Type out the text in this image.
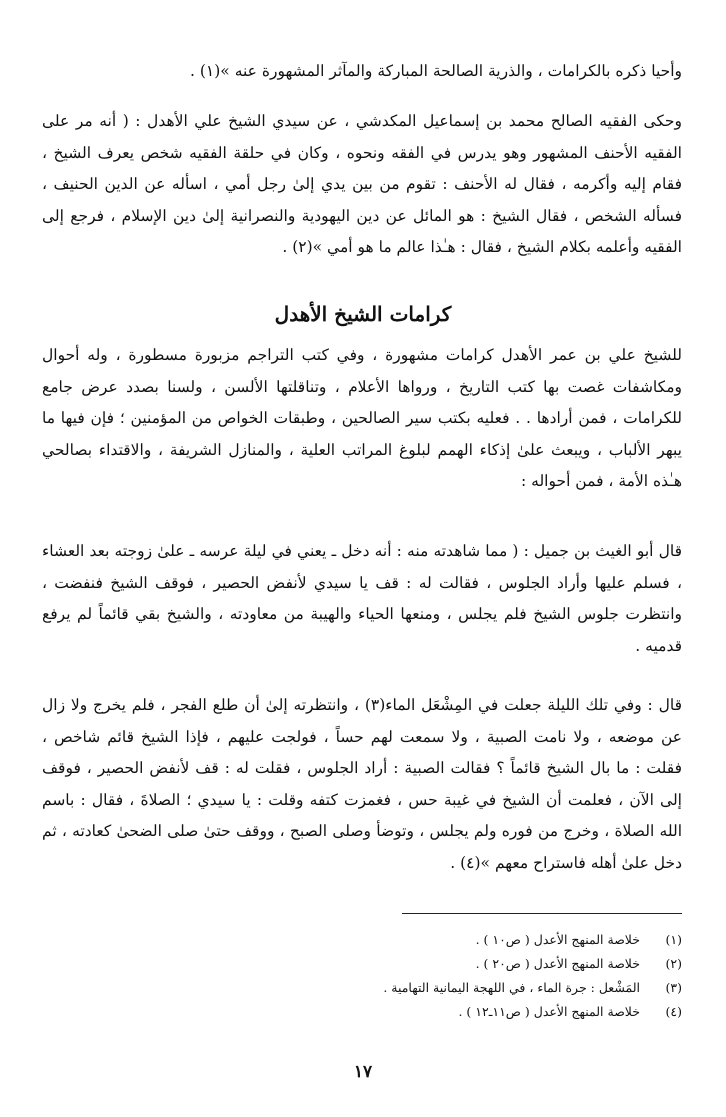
وأحيا ذكره بالكرامات ، والذرية الصالحة المباركة والمآثر المشهورة عنه »(١) .

وحكى الفقيه الصالح محمد بن إسماعيل المكدشي ، عن سيدي الشيخ علي الأهدل : ( أنه مر على الفقيه الأحنف المشهور وهو يدرس في الفقه ونحوه ، وكان في حلقة الفقيه شخص يعرف الشيخ ، فقام إليه وأكرمه ، فقال له الأحنف : تقوم من بين يدي إلىٰ رجل أمي ، اسأله عن الدين الحنيف ، فسأله الشخص ، فقال الشيخ : هو المائل عن دين اليهودية والنصرانية إلىٰ دين الإسلام ، فرجع إلى الفقيه وأعلمه بكلام الشيخ ، فقال : هـٰذا عالم ما هو أمي »(٢) .

كرامات الشيخ الأهدل

للشيخ علي بن عمر الأهدل كرامات مشهورة ، وفي كتب التراجم مزبورة مسطورة ، وله أحوال ومكاشفات غصت بها كتب التاريخ ، ورواها الأعلام ، وتناقلتها الألسن ، ولسنا بصدد عرض جامع للكرامات ، فمن أرادها . . فعليه بكتب سير الصالحين ، وطبقات الخواص من المؤمنين ؛ فإن فيها ما يبهر الألباب ، ويبعث علىٰ إذكاء الهمم لبلوغ المراتب العلية ، والمنازل الشريفة ، والاقتداء بصالحي هـٰذه الأمة ، فمن أحواله :

قال أبو الغيث بن جميل : ( مما شاهدته منه : أنه دخل ـ يعني في ليلة عرسه ـ علىٰ زوجته بعد العشاء ، فسلم عليها وأراد الجلوس ، فقالت له : قف يا سيدي لأنفض الحصير ، فوقف الشيخ فنفضت ، وانتظرت جلوس الشيخ فلم يجلس ، ومنعها الحياء والهيبة من معاودته ، والشيخ بقي قائماً لم يرفع قدميه .

قال : وفي تلك الليلة جعلت في المِشْعَل الماء(٣) ، وانتظرته إلىٰ أن طلع الفجر ، فلم يخرج ولا زال عن موضعه ، ولا نامت الصبية ، ولا سمعت لهم حساً ، فولجت عليهم ، فإذا الشيخ قائم شاخص ، فقلت : ما بال الشيخ قائماً ؟ فقالت الصبية : أراد الجلوس ، فقلت له : قف لأنفض الحصير ، فوقف إلى الآن ، فعلمت أن الشيخ في غيبة حس ، فغمزت كتفه وقلت : يا سيدي ؛ الصلاةَ ، فقال : باسم الله الصلاة ، وخرج من فوره ولم يجلس ، وتوضأ وصلى الصبح ، ووقف حتىٰ صلى الضحىٰ كعادته ، ثم دخل علىٰ أهله فاستراح معهم »(٤) .

(١)
خلاصة المنهج الأعدل ( ص١٠ ) .
(٢)
خلاصة المنهج الأعدل ( ص٢٠ ) .
(٣)
المَشْعل : جرة الماء ، في اللهجة اليمانية التهامية .
(٤)
خلاصة المنهج الأعدل ( ص١١ـ١٢ ) .
١٧
